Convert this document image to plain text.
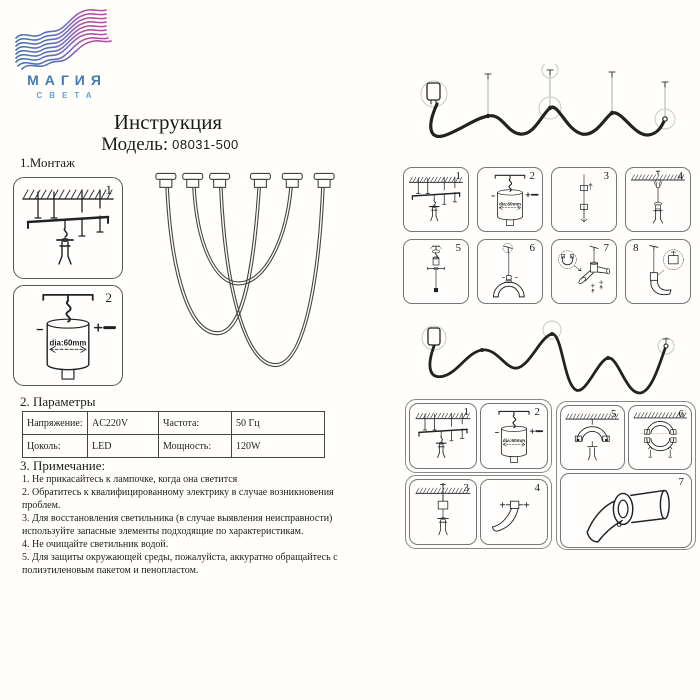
МАГИЯ
СВЕТА
Инструкция
Модель: 08031-500
1.Монтаж
1
dia:60mm
2
2. Параметры
Напряжение:	AC220V	Частота:	50 Гц
Цоколь:	LED	Мощность:	120W
3. Примечание:

1. Не прикасайтесь к лампочке, когда она светится

2. Обратитесь к квалифицированному электрику в случае возникновения проблем.

3. Для восстановления светильника (в случае выявления неисправности) используйте запасные элементы подходящие по характеристикам.

4. Не очищайте светильник водой.

5. Для защиты окружающей среды, пожалуйста, аккуратно обращайтесь с полиэтиленовым пакетом и пенопластом.

1
dia:60mm
2	3	4
5	6	7 8
1
dia:60mm
2
3	4
5	6
7
